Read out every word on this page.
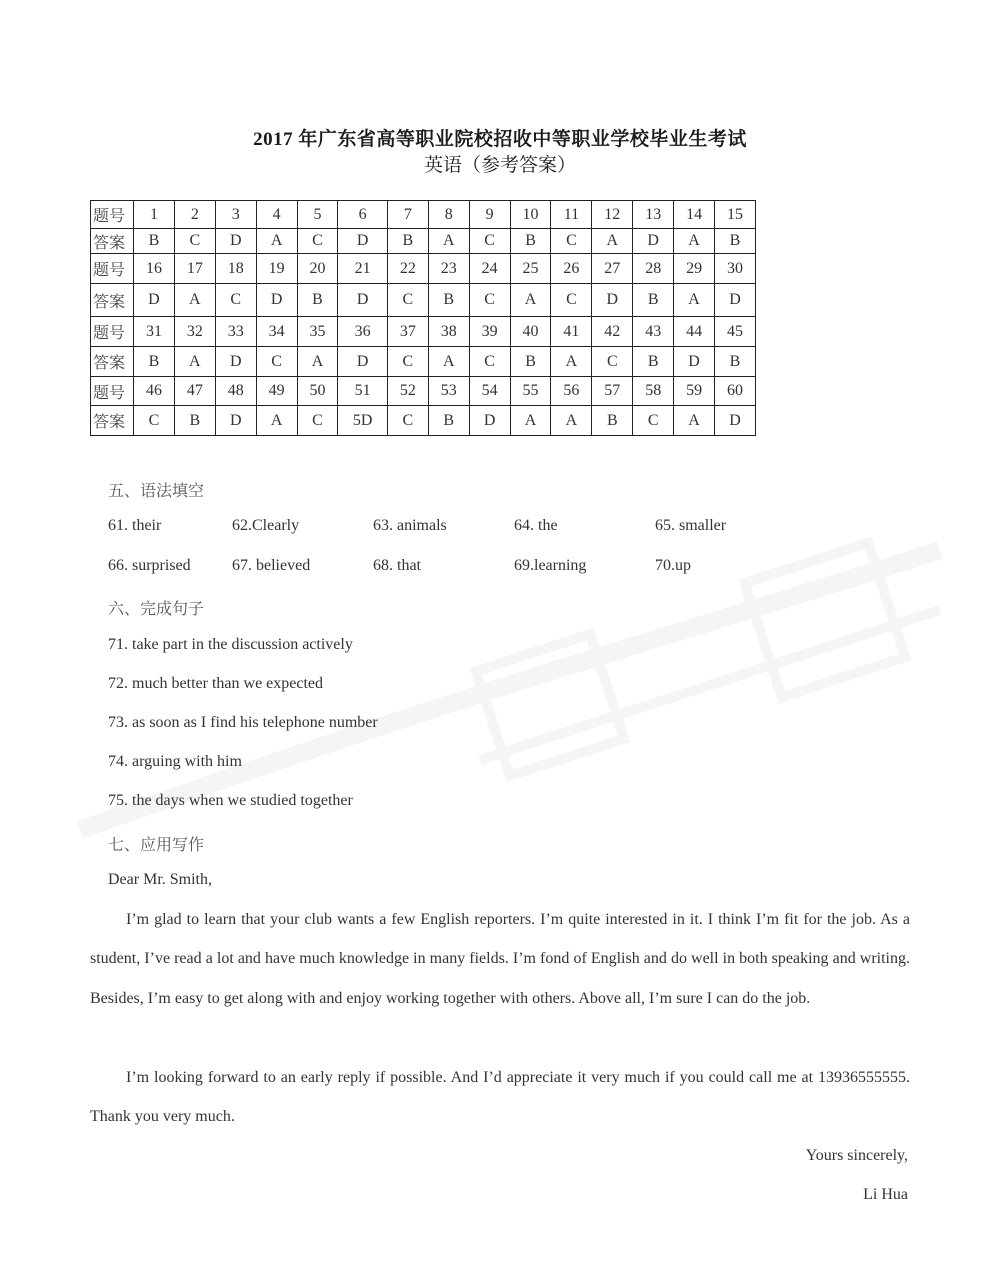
2017 年广东省高等职业院校招收中等职业学校毕业生考试
英语（参考答案）
题号	1	2	3	4	5	6	7	8	9	10	11	12	13	14	15
答案	B	C	D	A	C	D	B	A	C	B	C	A	D	A	B
题号	16	17	18	19	20	21	22	23	24	25	26	27	28	29	30
答案	D	A	C	D	B	D	C	B	C	A	C	D	B	A	D
题号	31	32	33	34	35	36	37	38	39	40	41	42	43	44	45
答案	B	A	D	C	A	D	C	A	C	B	A	C	B	D	B
题号	46	47	48	49	50	51	52	53	54	55	56	57	58	59	60
答案	C	B	D	A	C	5D	C	B	D	A	A	B	C	A	D
五、语法填空
61. their	62.Clearly	63. animals	64. the	65. smaller
66. surprised	67. believed	68. that	69.learning	70.up
六、完成句子
71. take part in the discussion actively
72. much better than we expected
73. as soon as I find his telephone number
74. arguing with him
75. the days when we studied together
七、应用写作
Dear Mr. Smith,

I’m glad to learn that your club wants a few English reporters. I’m quite interested in it. I think I’m fit for the job. As a student, I’ve read a lot and have much knowledge in many fields. I’m fond of English and do well in both speaking and writing. Besides, I’m easy to get along with and enjoy working together with others. Above all, I’m sure I can do the job.

I’m looking forward to an early reply if possible. And I’d appreciate it very much if you could call me at 13936555555. Thank you very much.

Yours sincerely,
Li Hua
